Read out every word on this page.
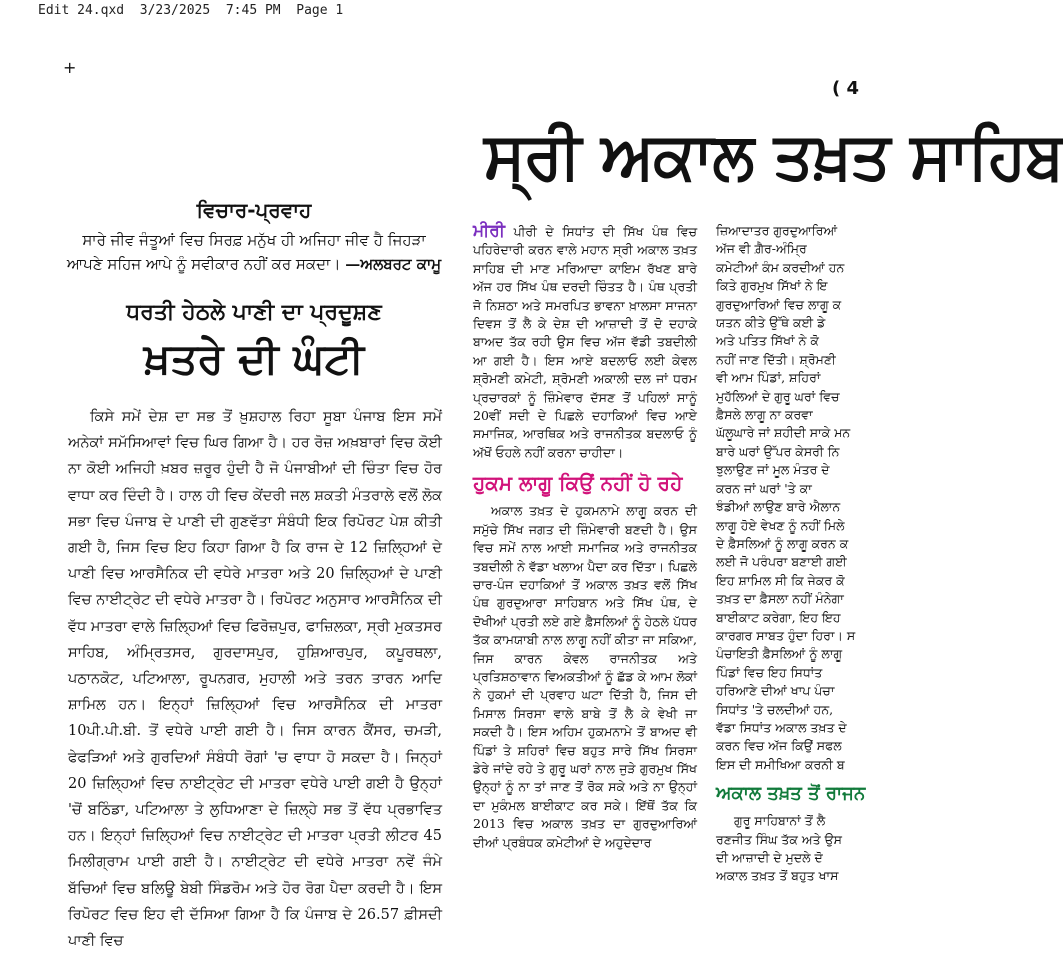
Edit 24.qxd  3/23/2025  7:45 PM  Page 1
+
( 4
ਸ੍ਰੀ ਅਕਾਲ ਤਖ਼ਤ ਸਾਹਿਬ
ਵਿਚਾਰ-ਪ੍ਰਵਾਹ

ਸਾਰੇ ਜੀਵ ਜੰਤੂਆਂ ਵਿਚ ਸਿਰਫ਼ ਮਨੁੱਖ ਹੀ ਅਜਿਹਾ ਜੀਵ ਹੈ ਜਿਹੜਾ ਆਪਣੇ ਸਹਿਜ ਆਪੇ ਨੂੰ ਸਵੀਕਾਰ ਨਹੀਂ ਕਰ ਸਕਦਾ। —ਅਲਬਰਟ ਕਾਮੂ

ਧਰਤੀ ਹੇਠਲੇ ਪਾਣੀ ਦਾ ਪ੍ਰਦੂਸ਼ਣ
ਖ਼ਤਰੇ ਦੀ ਘੰਟੀ

ਕਿਸੇ ਸਮੇਂ ਦੇਸ਼ ਦਾ ਸਭ ਤੋਂ ਖ਼ੁਸ਼ਹਾਲ ਰਿਹਾ ਸੂਬਾ ਪੰਜਾਬ ਇਸ ਸਮੇਂ ਅਨੇਕਾਂ ਸਮੱਸਿਆਵਾਂ ਵਿਚ ਘਿਰ ਗਿਆ ਹੈ। ਹਰ ਰੋਜ਼ ਅਖ਼ਬਾਰਾਂ ਵਿਚ ਕੋਈ ਨਾ ਕੋਈ ਅਜਿਹੀ ਖ਼ਬਰ ਜ਼ਰੂਰ ਹੁੰਦੀ ਹੈ ਜੋ ਪੰਜਾਬੀਆਂ ਦੀ ਚਿੰਤਾ ਵਿਚ ਹੋਰ ਵਾਧਾ ਕਰ ਦਿੰਦੀ ਹੈ। ਹਾਲ ਹੀ ਵਿਚ ਕੇਂਦਰੀ ਜਲ ਸ਼ਕਤੀ ਮੰਤਰਾਲੇ ਵਲੋਂ ਲੋਕ ਸਭਾ ਵਿਚ ਪੰਜਾਬ ਦੇ ਪਾਣੀ ਦੀ ਗੁਣਵੱਤਾ ਸੰਬੰਧੀ ਇਕ ਰਿਪੋਰਟ ਪੇਸ਼ ਕੀਤੀ ਗਈ ਹੈ, ਜਿਸ ਵਿਚ ਇਹ ਕਿਹਾ ਗਿਆ ਹੈ ਕਿ ਰਾਜ ਦੇ 12 ਜ਼ਿਲ੍ਹਿਆਂ ਦੇ ਪਾਣੀ ਵਿਚ ਆਰਸੈਨਿਕ ਦੀ ਵਧੇਰੇ ਮਾਤਰਾ ਅਤੇ 20 ਜ਼ਿਲ੍ਹਿਆਂ ਦੇ ਪਾਣੀ ਵਿਚ ਨਾਈਟ੍ਰੇਟ ਦੀ ਵਧੇਰੇ ਮਾਤਰਾ ਹੈ। ਰਿਪੋਰਟ ਅਨੁਸਾਰ ਆਰਸੈਨਿਕ ਦੀ ਵੱਧ ਮਾਤਰਾ ਵਾਲੇ ਜ਼ਿਲ੍ਹਿਆਂ ਵਿਚ ਫਿਰੋਜ਼ਪੁਰ, ਫਾਜ਼ਿਲਕਾ, ਸ੍ਰੀ ਮੁਕਤਸਰ ਸਾਹਿਬ, ਅੰਮ੍ਰਿਤਸਰ, ਗੁਰਦਾਸਪੁਰ, ਹੁਸ਼ਿਆਰਪੁਰ, ਕਪੂਰਥਲਾ, ਪਠਾਨਕੋਟ, ਪਟਿਆਲਾ, ਰੂਪਨਗਰ, ਮੁਹਾਲੀ ਅਤੇ ਤਰਨ ਤਾਰਨ ਆਦਿ ਸ਼ਾਮਿਲ ਹਨ। ਇਨ੍ਹਾਂ ਜ਼ਿਲ੍ਹਿਆਂ ਵਿਚ ਆਰਸੈਨਿਕ ਦੀ ਮਾਤਰਾ 10ਪੀ.ਪੀ.ਬੀ. ਤੋਂ ਵਧੇਰੇ ਪਾਈ ਗਈ ਹੈ। ਜਿਸ ਕਾਰਨ ਕੈਂਸਰ, ਚਮੜੀ, ਫੇਫੜਿਆਂ ਅਤੇ ਗੁਰਦਿਆਂ ਸੰਬੰਧੀ ਰੋਗਾਂ 'ਚ ਵਾਧਾ ਹੋ ਸਕਦਾ ਹੈ। ਜਿਨ੍ਹਾਂ 20 ਜ਼ਿਲ੍ਹਿਆਂ ਵਿਚ ਨਾਈਟ੍ਰੇਟ ਦੀ ਮਾਤਰਾ ਵਧੇਰੇ ਪਾਈ ਗਈ ਹੈ ਉਨ੍ਹਾਂ 'ਚੋਂ ਬਠਿੰਡਾ, ਪਟਿਆਲਾ ਤੇ ਲੁਧਿਆਣਾ ਦੇ ਜ਼ਿਲ੍ਹੇ ਸਭ ਤੋਂ ਵੱਧ ਪ੍ਰਭਾਵਿਤ ਹਨ। ਇਨ੍ਹਾਂ ਜ਼ਿਲ੍ਹਿਆਂ ਵਿਚ ਨਾਈਟ੍ਰੇਟ ਦੀ ਮਾਤਰਾ ਪ੍ਰਤੀ ਲੀਟਰ 45 ਮਿਲੀਗ੍ਰਾਮ ਪਾਈ ਗਈ ਹੈ। ਨਾਈਟ੍ਰੇਟ ਦੀ ਵਧੇਰੇ ਮਾਤਰਾ ਨਵੇਂ ਜੰਮੇ ਬੱਚਿਆਂ ਵਿਚ ਬਲਿਊ ਬੇਬੀ ਸਿੰਡਰੋਮ ਅਤੇ ਹੋਰ ਰੋਗ ਪੈਦਾ ਕਰਦੀ ਹੈ। ਇਸ ਰਿਪੋਰਟ ਵਿਚ ਇਹ ਵੀ ਦੱਸਿਆ ਗਿਆ ਹੈ ਕਿ ਪੰਜਾਬ ਦੇ 26.57 ਫ਼ੀਸਦੀ ਪਾਣੀ ਵਿਚ

ਮੀਰੀ ਪੀਰੀ ਦੇ ਸਿਧਾਂਤ ਦੀ ਸਿੱਖ ਪੰਥ ਵਿਚ ਪਹਿਰੇਦਾਰੀ ਕਰਨ ਵਾਲੇ ਮਹਾਨ ਸ੍ਰੀ ਅਕਾਲ ਤਖ਼ਤ ਸਾਹਿਬ ਦੀ ਮਾਣ ਮਰਿਆਦਾ ਕਾਇਮ ਰੱਖਣ ਬਾਰੇ ਅੱਜ ਹਰ ਸਿੱਖ ਪੰਥ ਦਰਦੀ ਚਿੰਤਤ ਹੈ। ਪੰਥ ਪ੍ਰਤੀ ਜੋ ਨਿਸ਼ਠਾ ਅਤੇ ਸਮਰਪਿਤ ਭਾਵਨਾ ਖ਼ਾਲਸਾ ਸਾਜਨਾ ਦਿਵਸ ਤੋਂ ਲੈ ਕੇ ਦੇਸ਼ ਦੀ ਆਜ਼ਾਦੀ ਤੋਂ ਦੋ ਦਹਾਕੇ ਬਾਅਦ ਤੱਕ ਰਹੀ ਉਸ ਵਿਚ ਅੱਜ ਵੱਡੀ ਤਬਦੀਲੀ ਆ ਗਈ ਹੈ। ਇਸ ਆਏ ਬਦਲਾਓ ਲਈ ਕੇਵਲ ਸ਼੍ਰੋਮਣੀ ਕਮੇਟੀ, ਸ਼੍ਰੋਮਣੀ ਅਕਾਲੀ ਦਲ ਜਾਂ ਧਰਮ ਪ੍ਰਚਾਰਕਾਂ ਨੂੰ ਜ਼ਿੰਮੇਵਾਰ ਦੱਸਣ ਤੋਂ ਪਹਿਲਾਂ ਸਾਨੂੰ 20ਵੀਂ ਸਦੀ ਦੇ ਪਿਛਲੇ ਦਹਾਕਿਆਂ ਵਿਚ ਆਏ ਸਮਾਜਿਕ, ਆਰਥਿਕ ਅਤੇ ਰਾਜਨੀਤਕ ਬਦਲਾਓ ਨੂੰ ਅੱਖੋਂ ਓਹਲੇ ਨਹੀਂ ਕਰਨਾ ਚਾਹੀਦਾ।

ਹੁਕਮ ਲਾਗੂ ਕਿਉਂ ਨਹੀਂ ਹੋ ਰਹੇ

ਅਕਾਲ ਤਖ਼ਤ ਦੇ ਹੁਕਮਨਾਮੇ ਲਾਗੂ ਕਰਨ ਦੀ ਸਮੁੱਚੇ ਸਿੱਖ ਜਗਤ ਦੀ ਜ਼ਿੰਮੇਵਾਰੀ ਬਣਦੀ ਹੈ। ਉਸ ਵਿਚ ਸਮੇਂ ਨਾਲ ਆਈ ਸਮਾਜਿਕ ਅਤੇ ਰਾਜਨੀਤਕ ਤਬਦੀਲੀ ਨੇ ਵੱਡਾ ਖਲਾਅ ਪੈਦਾ ਕਰ ਦਿੱਤਾ। ਪਿਛਲੇ ਚਾਰ-ਪੰਜ ਦਹਾਕਿਆਂ ਤੋਂ ਅਕਾਲ ਤਖ਼ਤ ਵਲੋਂ ਸਿੱਖ ਪੰਥ ਗੁਰਦੁਆਰਾ ਸਾਹਿਬਾਨ ਅਤੇ ਸਿੱਖ ਪੰਥ, ਦੇ ਦੋਖੀਆਂ ਪ੍ਰਤੀ ਲਏ ਗਏ ਫ਼ੈਸਲਿਆਂ ਨੂੰ ਹੇਠਲੇ ਪੱਧਰ ਤੱਕ ਕਾਮਯਾਬੀ ਨਾਲ ਲਾਗੂ ਨਹੀਂ ਕੀਤਾ ਜਾ ਸਕਿਆ, ਜਿਸ ਕਾਰਨ ਕੇਵਲ ਰਾਜਨੀਤਕ ਅਤੇ ਪ੍ਰਤਿਸ਼ਠਾਵਾਨ ਵਿਅਕਤੀਆਂ ਨੂੰ ਛੱਡ ਕੇ ਆਮ ਲੋਕਾਂ ਨੇ ਹੁਕਮਾਂ ਦੀ ਪ੍ਰਵਾਹ ਘਟਾ ਦਿੱਤੀ ਹੈ, ਜਿਸ ਦੀ ਮਿਸਾਲ ਸਿਰਸਾ ਵਾਲੇ ਬਾਬੇ ਤੋਂ ਲੈ ਕੇ ਵੇਖੀ ਜਾ ਸਕਦੀ ਹੈ। ਇਸ ਅਹਿਮ ਹੁਕਮਨਾਮੇ ਤੋਂ ਬਾਅਦ ਵੀ ਪਿੰਡਾਂ ਤੇ ਸ਼ਹਿਰਾਂ ਵਿਚ ਬਹੁਤ ਸਾਰੇ ਸਿੱਖ ਸਿਰਸਾ ਡੇਰੇ ਜਾਂਦੇ ਰਹੇ ਤੇ ਗੁਰੂ ਘਰਾਂ ਨਾਲ ਜੁੜੇ ਗੁਰਮੁਖ ਸਿੱਖ ਉਨ੍ਹਾਂ ਨੂੰ ਨਾ ਤਾਂ ਜਾਣ ਤੋਂ ਰੋਕ ਸਕੇ ਅਤੇ ਨਾ ਉਨ੍ਹਾਂ ਦਾ ਮੁਕੰਮਲ ਬਾਈਕਾਟ ਕਰ ਸਕੇ। ਇੱਥੋਂ ਤੱਕ ਕਿ 2013 ਵਿਚ ਅਕਾਲ ਤਖ਼ਤ ਦਾ ਗੁਰਦੁਆਰਿਆਂ ਦੀਆਂ ਪ੍ਰਬੰਧਕ ਕਮੇਟੀਆਂ ਦੇ ਅਹੁਦੇਦਾਰ

ਜ਼ਿਆਦਾਤਰ ਗੁਰਦੁਆਰਿਆਂ
ਅੱਜ ਵੀ ਗ਼ੈਰ-ਅੰਮ੍ਰਿ
ਕਮੇਟੀਆਂ ਕੰਮ ਕਰਦੀਆਂ ਹਨ
ਕਿਤੇ ਗੁਰਮੁਖ ਸਿੱਖਾਂ ਨੇ ਇ
ਗੁਰਦੁਆਰਿਆਂ ਵਿਚ ਲਾਗੂ ਕ
ਯਤਨ ਕੀਤੇ ਉੱਥੇ ਕਈ ਡੇ
ਅਤੇ ਪਤਿਤ ਸਿੱਖਾਂ ਨੇ ਕੋ
ਨਹੀਂ ਜਾਣ ਦਿੱਤੀ। ਸ਼੍ਰੋਮਣੀ
ਵੀ ਆਮ ਪਿੰਡਾਂ, ਸ਼ਹਿਰਾਂ
ਮੁਹੱਲਿਆਂ ਦੇ ਗੁਰੂ ਘਰਾਂ ਵਿਚ
ਫ਼ੈਸਲੇ ਲਾਗੂ ਨਾ ਕਰਵਾ
ਘੱਲੂਘਾਰੇ ਜਾਂ ਸ਼ਹੀਦੀ ਸਾਕੇ ਮਨ
ਬਾਰੇ ਘਰਾਂ ਉੱਪਰ ਕੇਸਰੀ ਨਿ
ਝੁਲਾਉਣ ਜਾਂ ਮੂਲ ਮੰਤਰ ਦੇ
ਕਰਨ ਜਾਂ ਘਰਾਂ 'ਤੇ ਕਾ
ਝੰਡੀਆਂ ਲਾਉਣ ਬਾਰੇ ਐਲਾਨ
ਲਾਗੂ ਹੋਏ ਵੇਖਣ ਨੂੰ ਨਹੀਂ ਮਿਲੇ
ਦੇ ਫ਼ੈਸਲਿਆਂ ਨੂੰ ਲਾਗੂ ਕਰਨ ਕ
ਲਈ ਜੋ ਪਰੰਪਰਾ ਬਣਾਈ ਗਈ
ਇਹ ਸ਼ਾਮਿਲ ਸੀ ਕਿ ਜੇਕਰ ਕੋ
ਤਖ਼ਤ ਦਾ ਫ਼ੈਸਲਾ ਨਹੀਂ ਮੰਨੇਗਾ
ਬਾਈਕਾਟ ਕਰੇਗਾ, ਇਹ ਇਹ
ਕਾਰਗਰ ਸਾਬਤ ਹੁੰਦਾ ਹਿਰਾ। ਸ
ਪੰਚਾਇਤੀ ਫ਼ੈਸਲਿਆਂ ਨੂੰ ਲਾਗੂ
ਪਿੰਡਾਂ ਵਿਚ ਇਹ ਸਿਧਾਂਤ
ਹਰਿਆਣੇ ਦੀਆਂ ਖਾਪ ਪੰਚਾ
ਸਿਧਾਂਤ 'ਤੇ ਚਲਦੀਆਂ ਹਨ,
ਵੱਡਾ ਸਿਧਾਂਤ ਅਕਾਲ ਤਖ਼ਤ ਦੇ
ਕਰਨ ਵਿਚ ਅੱਜ ਕਿਉਂ ਸਫਲ
ਇਸ ਦੀ ਸਮੀਖਿਆ ਕਰਨੀ ਬ
ਅਕਾਲ ਤਖ਼ਤ ਤੋਂ ਰਾਜਨ
ਗੁਰੂ ਸਾਹਿਬਾਨਾਂ ਤੋਂ ਲੈ
ਰਣਜੀਤ ਸਿੰਘ ਤੱਕ ਅਤੇ ਉਸ
ਦੀ ਆਜ਼ਾਦੀ ਦੇ ਮੁਦਲੇ ਦੋ
ਅਕਾਲ ਤਖ਼ਤ ਤੋਂ ਬਹੁਤ ਖਾਸ
